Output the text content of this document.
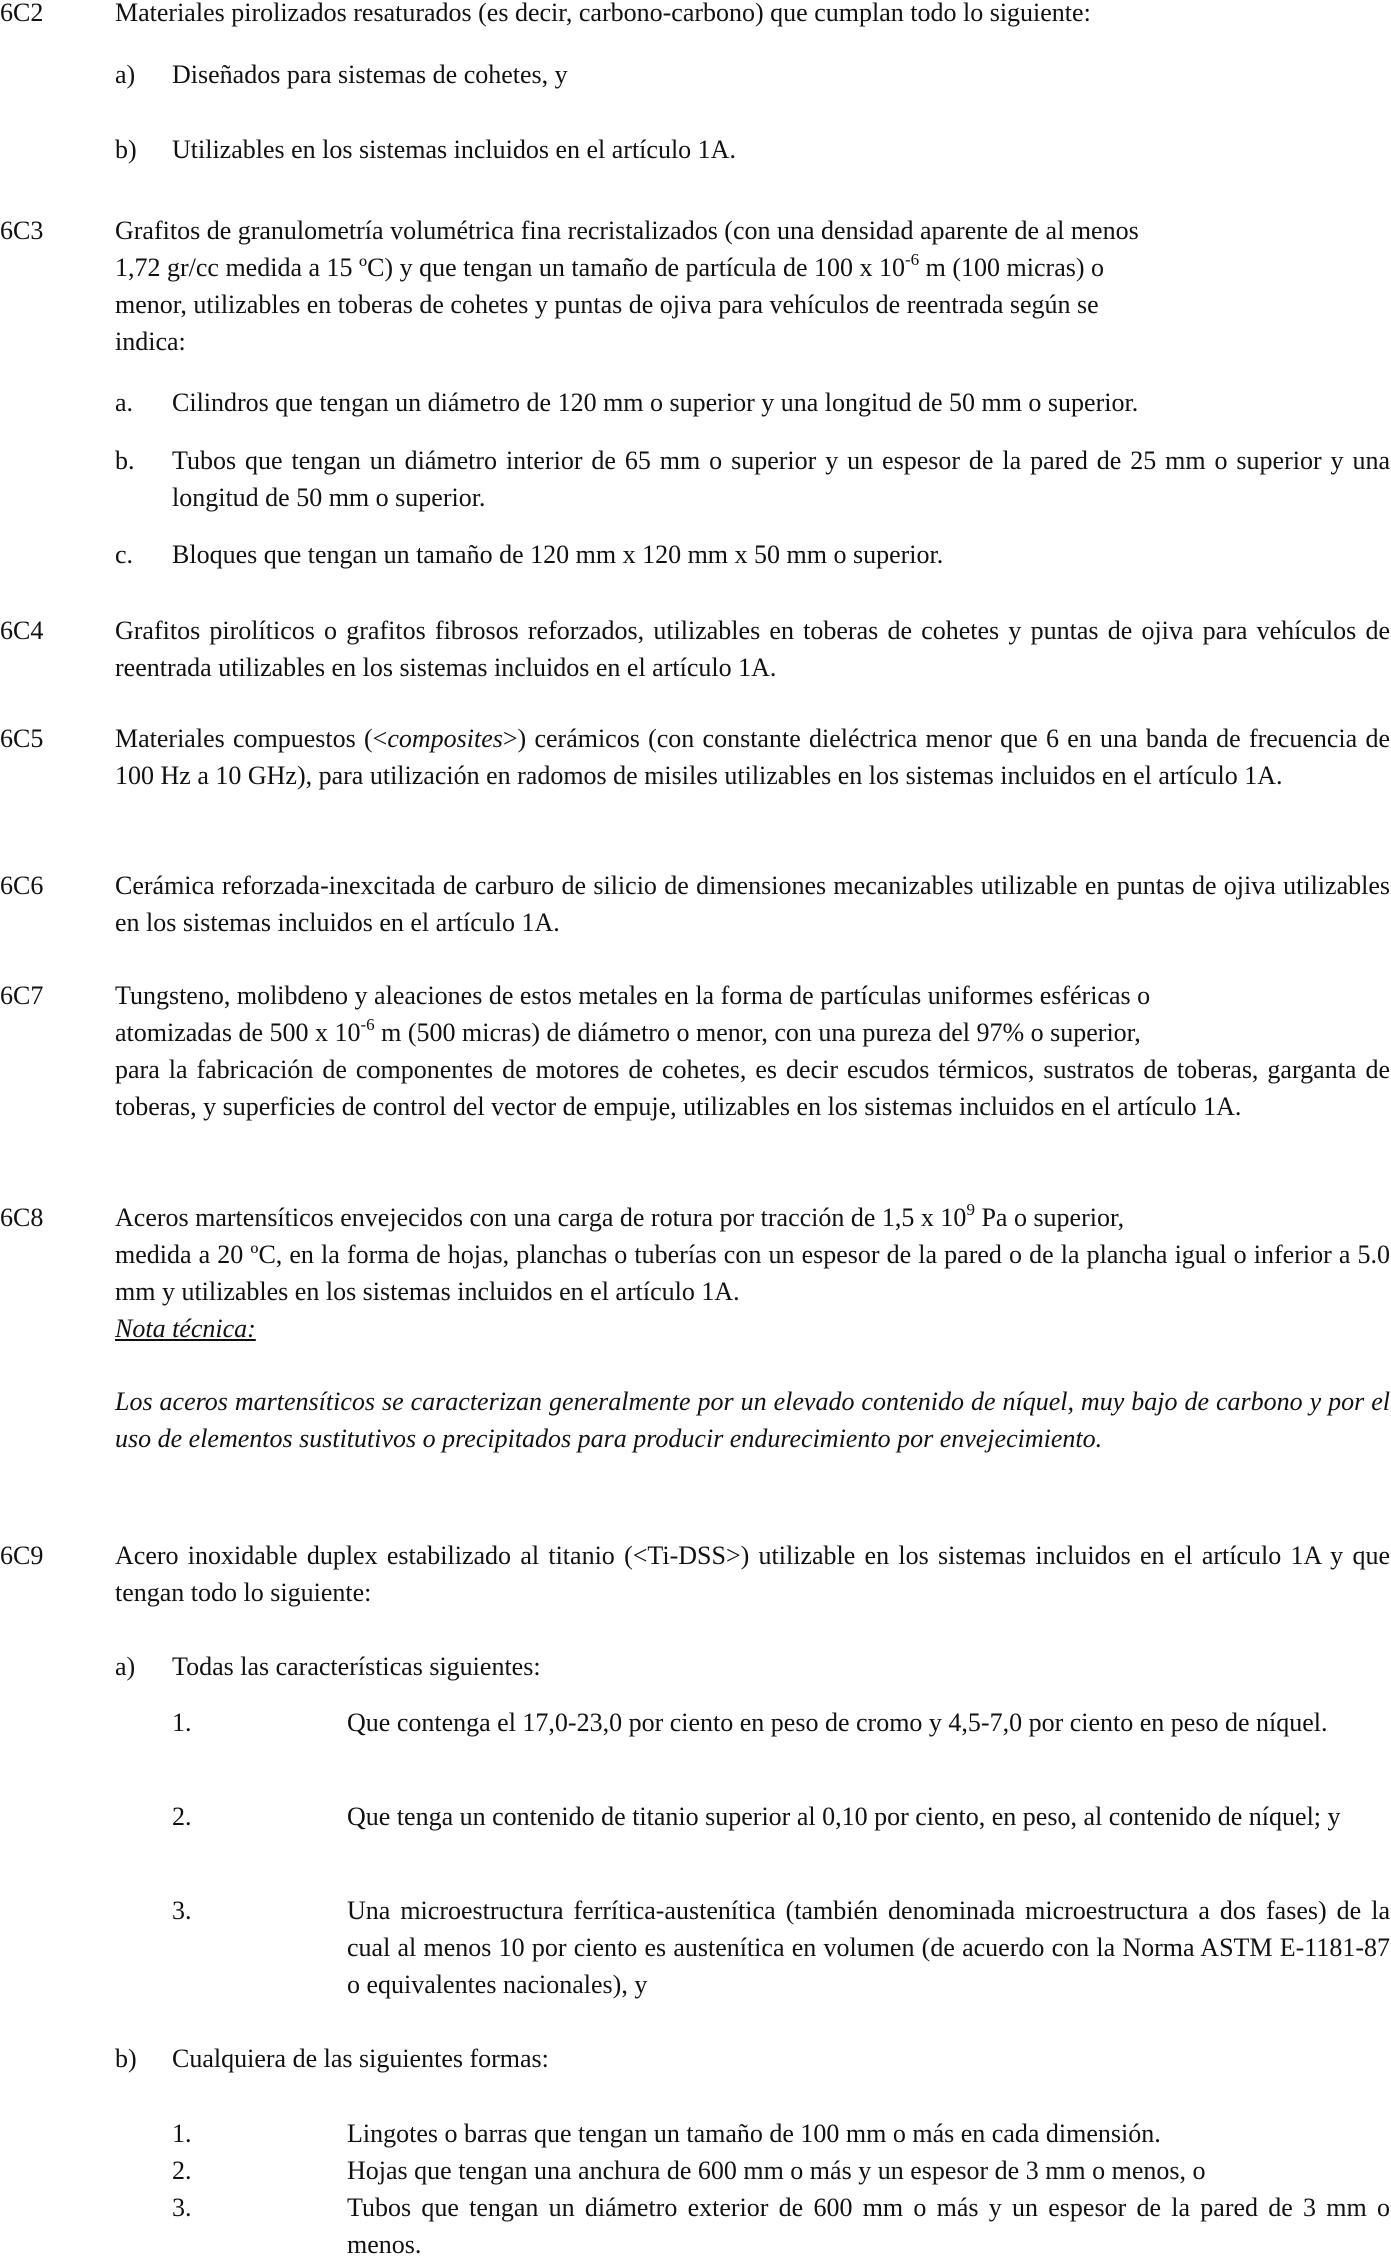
6C2	Materiales pirolizados resaturados (es decir, carbono-carbono) que cumplan todo lo siguiente:
a) Diseñados para sistemas de cohetes, y
b) Utilizables en los sistemas incluidos en el artículo 1A.
6C3	Grafitos de granulometría volumétrica fina recristalizados (con una densidad aparente de al menos
1,72 gr/cc medida a 15 ºC) y que tengan un tamaño de partícula de 100 x $10^{-6}$ m (100 micras) o
menor, utilizables en toberas de cohetes y puntas de ojiva para vehículos de reentrada según se
indica:
a. Cilindros que tengan un diámetro de 120 mm o superior y una longitud de 50 mm o superior.
b. Tubos que tengan un diámetro interior de 65 mm o superior y un espesor de la pared de 25 mm o superior y una longitud de 50 mm o superior.
c. Bloques que tengan un tamaño de 120 mm x 120 mm x 50 mm o superior.
6C4	Grafitos pirolíticos o grafitos fibrosos reforzados, utilizables en toberas de cohetes y puntas de ojiva para vehículos de reentrada utilizables en los sistemas incluidos en el artículo 1A.
6C5	Materiales compuestos (<composites>) cerámicos (con constante dieléctrica menor que 6 en una banda de frecuencia de 100 Hz a 10 GHz), para utilización en radomos de misiles utilizables en los sistemas incluidos en el artículo 1A.
6C6	Cerámica reforzada-inexcitada de carburo de silicio de dimensiones mecanizables utilizable en puntas de ojiva utilizables en los sistemas incluidos en el artículo 1A.
6C7	Tungsteno, molibdeno y aleaciones de estos metales en la forma de partículas uniformes esféricas o
atomizadas de 500 x $10^{-6}$ m (500 micras) de diámetro o menor, con una pureza del 97% o superior,
para la fabricación de componentes de motores de cohetes, es decir escudos térmicos, sustratos de toberas, garganta de toberas, y superficies de control del vector de empuje, utilizables en los sistemas incluidos en el artículo 1A.
6C8	Aceros martensíticos envejecidos con una carga de rotura por tracción de 1,5 x $10^9$ Pa o superior,
medida a 20 ºC, en la forma de hojas, planchas o tuberías con un espesor de la pared o de la plancha igual o inferior a 5.0 mm y utilizables en los sistemas incluidos en el artículo 1A.
Nota técnica:
Los aceros martensíticos se caracterizan generalmente por un elevado contenido de níquel, muy bajo de carbono y por el uso de elementos sustitutivos o precipitados para producir endurecimiento por envejecimiento.
6C9	Acero inoxidable duplex estabilizado al titanio (<Ti-DSS>) utilizable en los sistemas incluidos en el artículo 1A y que tengan todo lo siguiente:
a) Todas las características siguientes:
1.	Que contenga el 17,0-23,0 por ciento en peso de cromo y 4,5-7,0 por ciento en peso de níquel.
2.	Que tenga un contenido de titanio superior al 0,10 por ciento, en peso, al contenido de níquel; y
3.	Una microestructura ferrítica-austenítica (también denominada microestructura a dos fases) de la cual al menos 10 por ciento es austenítica en volumen (de acuerdo con la Norma ASTM E-1181-87 o equivalentes nacionales), y
b) Cualquiera de las siguientes formas:
1.	Lingotes o barras que tengan un tamaño de 100 mm o más en cada dimensión.
2.	Hojas que tengan una anchura de 600 mm o más y un espesor de 3 mm o menos, o
3.	Tubos que tengan un diámetro exterior de 600 mm o más y un espesor de la pared de 3 mm o menos.
